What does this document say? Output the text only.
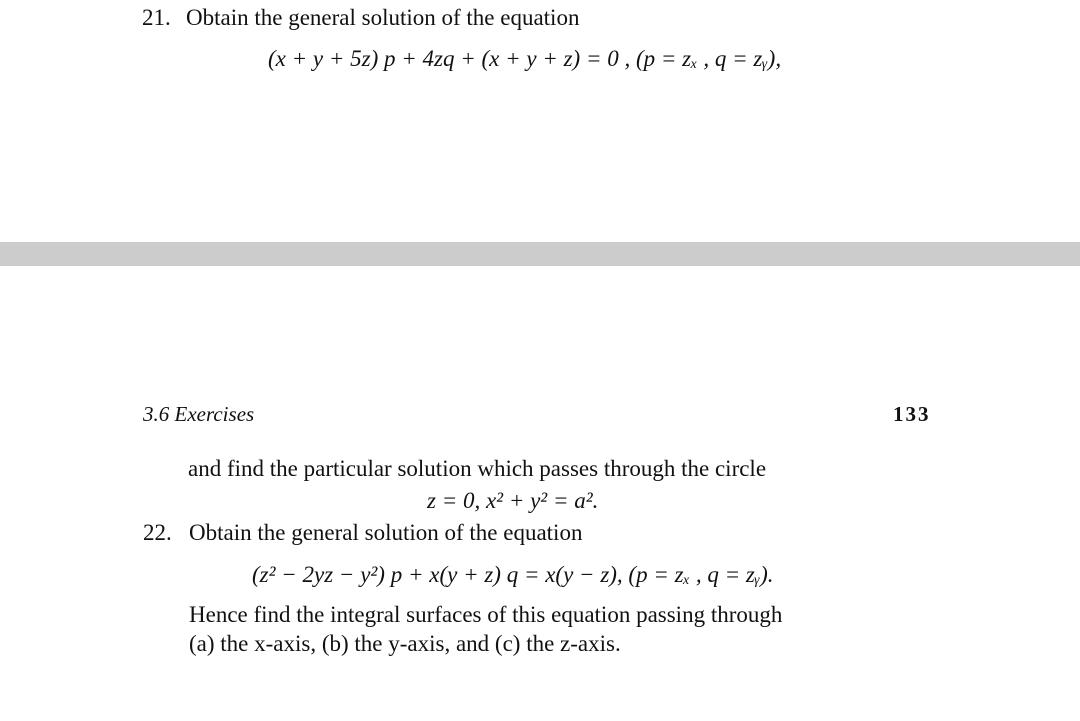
21. Obtain the general solution of the equation
(x + y + 5z) p + 4zq + (x + y + z) = 0 , (p = zₓ , q = zᵧ),
3.6 Exercises	133
and find the particular solution which passes through the circle
z = 0, x² + y² = a².
22. Obtain the general solution of the equation
(z² − 2yz − y²) p + x(y + z) q = x(y − z), (p = zₓ , q = zᵧ).
Hence find the integral surfaces of this equation passing through
(a) the x-axis, (b) the y-axis, and (c) the z-axis.
